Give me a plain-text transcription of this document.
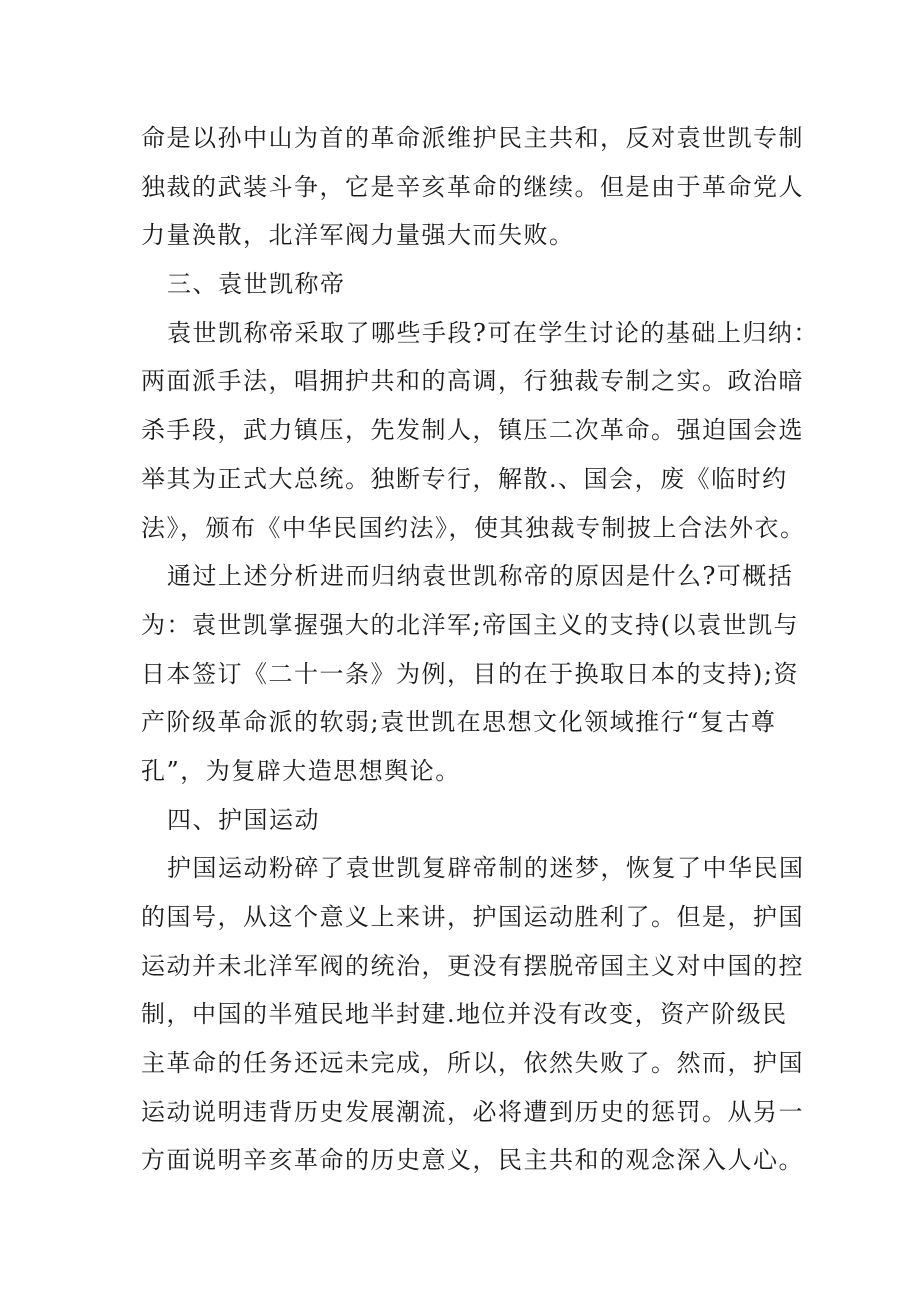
命是以孙中山为首的革命派维护民主共和，反对袁世凯专制
独裁的武装斗争，它是辛亥革命的继续。但是由于革命党人
力量涣散，北洋军阀力量强大而失败。
三、袁世凯称帝
袁世凯称帝采取了哪些手段?可在学生讨论的基础上归纳：
两面派手法，唱拥护共和的高调，行独裁专制之实。政治暗
杀手段，武力镇压，先发制人，镇压二次革命。强迫国会选
举其为正式大总统。独断专行，解散.、国会，废《临时约
法》，颁布《中华民国约法》，使其独裁专制披上合法外衣。
通过上述分析进而归纳袁世凯称帝的原因是什么?可概括
为：袁世凯掌握强大的北洋军;帝国主义的支持(以袁世凯与
日本签订《二十一条》为例，目的在于换取日本的支持);资
产阶级革命派的软弱;袁世凯在思想文化领域推行“复古尊
孔”，为复辟大造思想舆论。
四、护国运动
护国运动粉碎了袁世凯复辟帝制的迷梦，恢复了中华民国
的国号，从这个意义上来讲，护国运动胜利了。但是，护国
运动并未北洋军阀的统治，更没有摆脱帝国主义对中国的控
制，中国的半殖民地半封建.地位并没有改变，资产阶级民
主革命的任务还远未完成，所以，依然失败了。然而，护国
运动说明违背历史发展潮流，必将遭到历史的惩罚。从另一
方面说明辛亥革命的历史意义，民主共和的观念深入人心。
